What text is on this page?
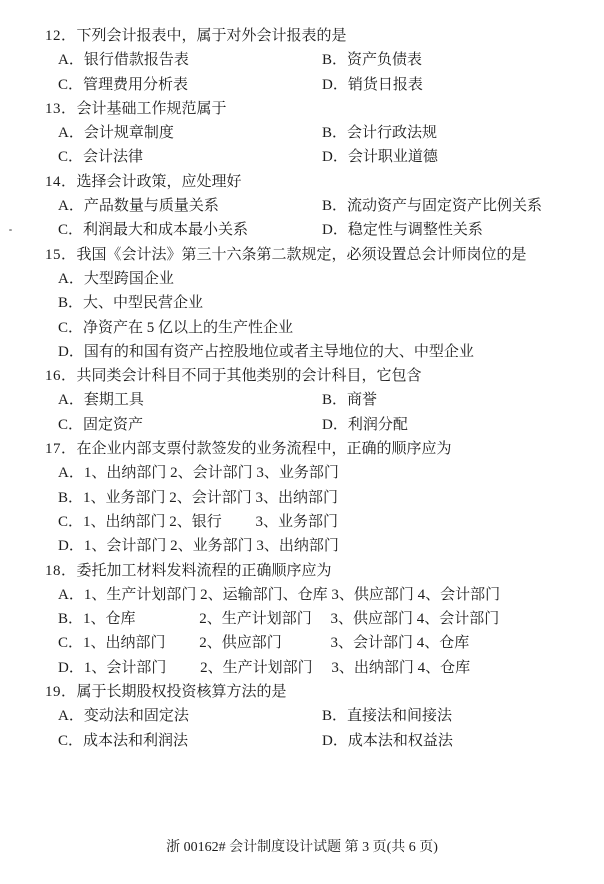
12．下列会计报表中，属于对外会计报表的是
A．银行借款报告表	B．资产负债表
C．管理费用分析表	D．销货日报表
13．会计基础工作规范属于
A．会计规章制度	B．会计行政法规
C．会计法律	D．会计职业道德
14．选择会计政策，应处理好
A．产品数量与质量关系	B．流动资产与固定资产比例关系
C．利润最大和成本最小关系	D．稳定性与调整性关系
15．我国《会计法》第三十六条第二款规定，必须设置总会计师岗位的是
A．大型跨国企业
B．大、中型民营企业
C．净资产在 5 亿以上的生产性企业
D．国有的和国有资产占控股地位或者主导地位的大、中型企业
16．共同类会计科目不同于其他类别的会计科目，它包含
A．套期工具	B．商誉
C．固定资产	D．利润分配
17．在企业内部支票付款签发的业务流程中，正确的顺序应为
A．1、出纳部门 2、会计部门 3、业务部门
B．1、业务部门 2、会计部门 3、出纳部门
C．1、出纳部门 2、银行　　 3、业务部门
D．1、会计部门 2、业务部门 3、出纳部门
18．委托加工材料发料流程的正确顺序应为
A．1、生产计划部门 2、运输部门、仓库 3、供应部门 4、会计部门
B．1、仓库　　　　 2、生产计划部门　 3、供应部门 4、会计部门
C．1、出纳部门　　 2、供应部门　　　 3、会计部门 4、仓库
D．1、会计部门　　 2、生产计划部门　 3、出纳部门 4、仓库
19．属于长期股权投资核算方法的是
A．变动法和固定法	B．直接法和间接法
C．成本法和利润法	D．成本法和权益法
浙 00162# 会计制度设计试题 第 3 页(共 6 页)
